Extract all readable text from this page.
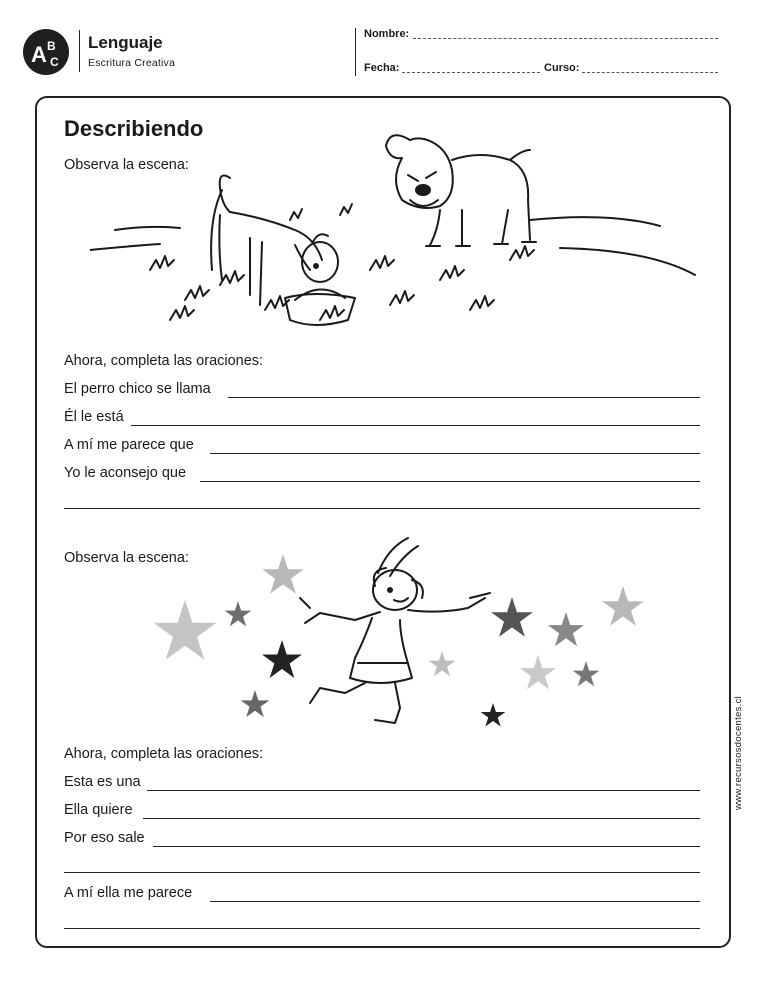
A B
C
Lenguaje
Escritura Creativa
Nombre:
Fecha:	Curso:
Describiendo
Observa la escena:
Ahora, completa las oraciones:
El perro chico se llama
Él le está
A mí me parece que
Yo le aconsejo que
Observa la escena:
Ahora, completa las oraciones:
Esta es una
Ella quiere
Por eso sale
A mí ella me parece
www.recursosdocentes.cl
